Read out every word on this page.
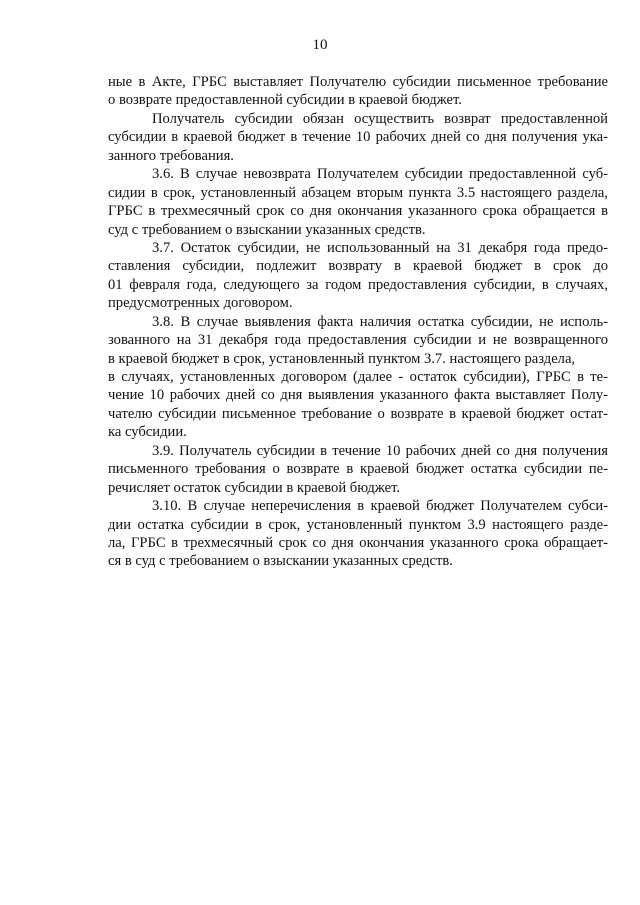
10
ные в Акте, ГРБС выставляет Получателю субсидии письменное требование
о возврате предоставленной субсидии в краевой бюджет.
Получатель субсидии обязан осуществить возврат предоставленной
субсидии в краевой бюджет в течение 10 рабочих дней со дня получения ука-
занного требования.
3.6. В случае невозврата Получателем субсидии предоставленной суб-
сидии в срок, установленный абзацем вторым пункта 3.5 настоящего раздела,
ГРБС в трехмесячный срок со дня окончания указанного срока обращается в
суд с требованием о взыскании указанных средств.
3.7. Остаток субсидии, не использованный на 31 декабря года предо-
ставления субсидии, подлежит возврату в краевой бюджет в срок до
01 февраля года, следующего за годом предоставления субсидии, в случаях,
предусмотренных договором.
3.8. В случае выявления факта наличия остатка субсидии, не исполь-
зованного на 31 декабря года предоставления субсидии и не возвращенного
в краевой бюджет в срок, установленный пунктом 3.7. настоящего раздела,
в случаях, установленных договором (далее - остаток субсидии), ГРБС в те-
чение 10 рабочих дней со дня выявления указанного факта выставляет Полу-
чателю субсидии письменное требование о возврате в краевой бюджет остат-
ка субсидии.
3.9. Получатель субсидии в течение 10 рабочих дней со дня получения
письменного требования о возврате в краевой бюджет остатка субсидии пе-
речисляет остаток субсидии в краевой бюджет.
3.10. В случае неперечисления в краевой бюджет Получателем субси-
дии остатка субсидии в срок, установленный пунктом 3.9 настоящего разде-
ла, ГРБС в трехмесячный срок со дня окончания указанного срока обращает-
ся в суд с требованием о взыскании указанных средств.
